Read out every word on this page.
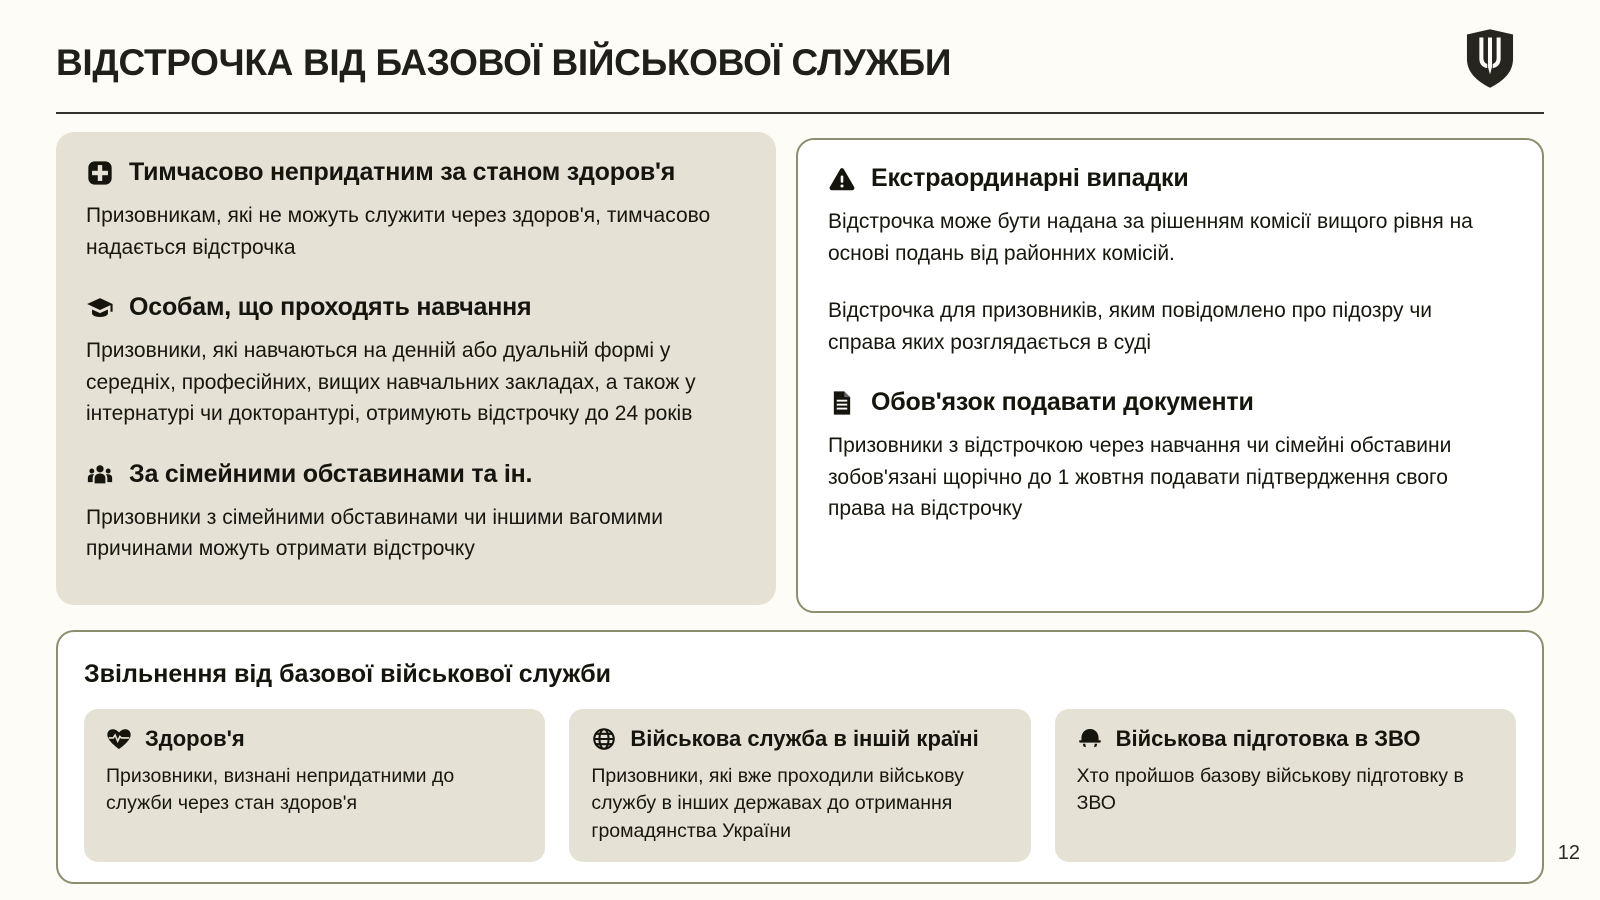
ВІДСТРОЧКА ВІД БАЗОВОЇ ВІЙСЬКОВОЇ СЛУЖБИ
Тимчасово непридатним за станом здоров'я

Призовникам, які не можуть служити через здоров'я, тимчасово надається відстрочка

Особам, що проходять навчання

Призовники, які навчаються на денній або дуальній формі у середніх, професійних, вищих навчальних закладах, а також у інтернатурі чи докторантурі, отримують відстрочку до 24 років

За сімейними обставинами та ін.

Призовники з сімейними обставинами чи іншими вагомими причинами можуть отримати відстрочку

Екстраординарні випадки

Відстрочка може бути надана за рішенням комісії вищого рівня на основі подань від районних комісій.

Відстрочка для призовників, яким повідомлено про підозру чи справа яких розглядається в суді

Обов'язок подавати документи

Призовники з відстрочкою через навчання чи сімейні обставини зобов'язані щорічно до 1 жовтня подавати підтвердження свого права на відстрочку

Звільнення від базової військової служби
Здоров'я

Призовники, визнані непридатними до служби через стан здоров'я

Військова служба в іншій країні

Призовники, які вже проходили військову службу в інших державах до отримання громадянства України

Військова підготовка в ЗВО

Хто пройшов базову військову підготовку в ЗВО

12
